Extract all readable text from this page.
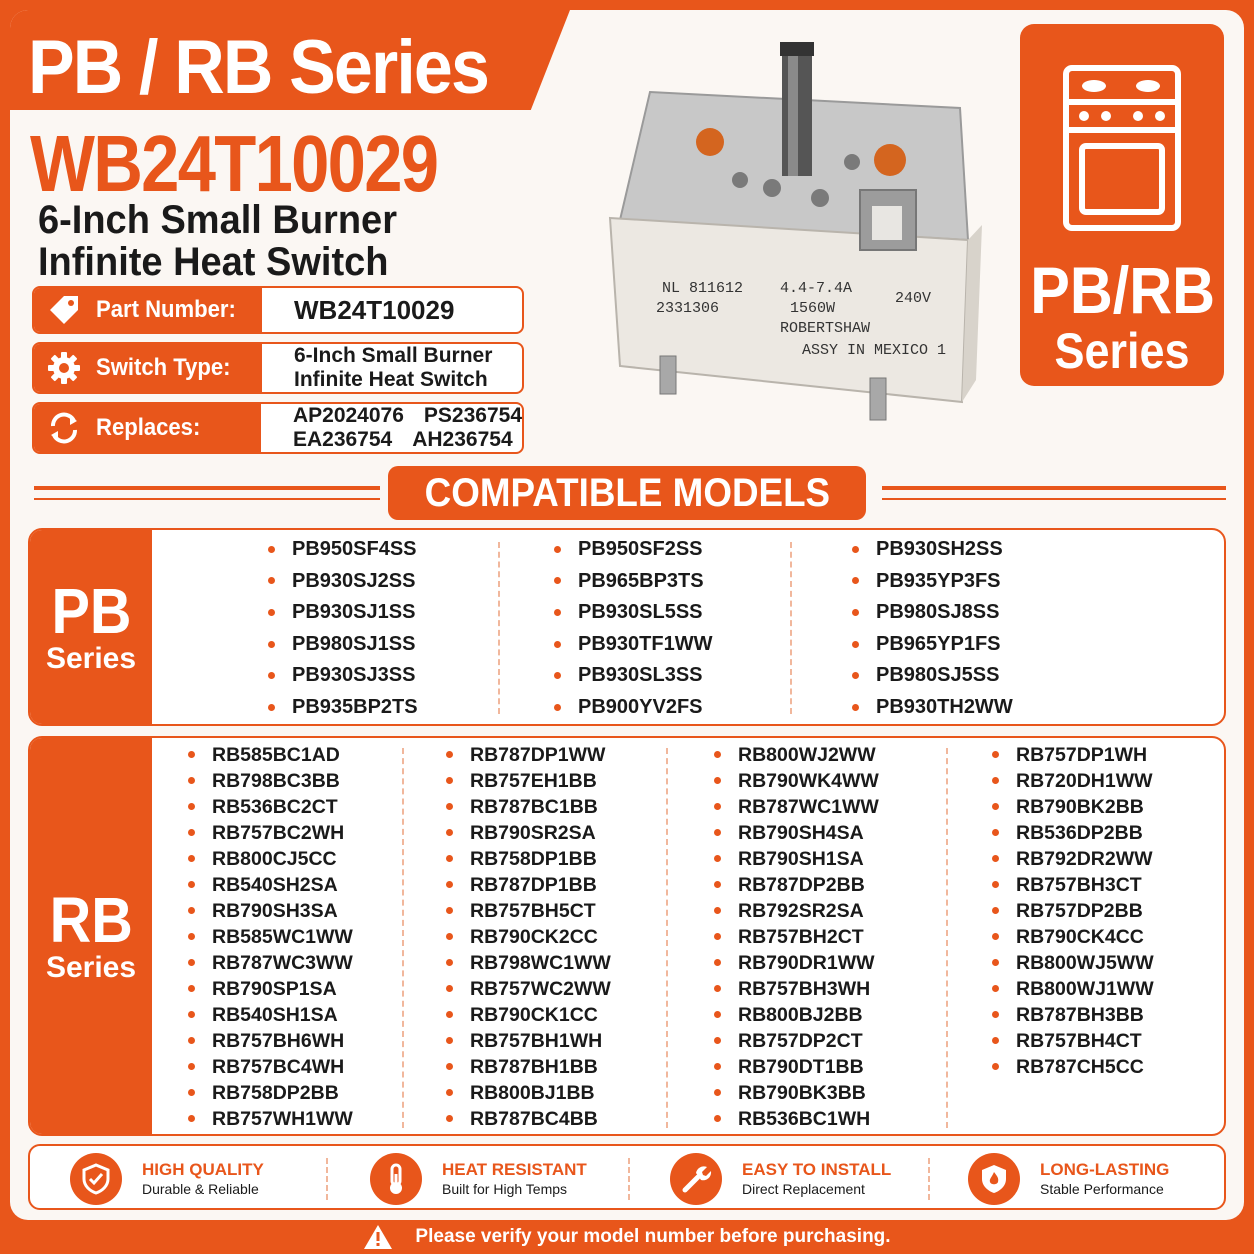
PB / RB Series
WB24T10029
6-Inch Small Burner
Infinite Heat Switch
Part Number: WB24T10029
Switch Type:	6-Inch Small Burner
Infinite Heat Switch
Replaces:	AP2024076 PS236754
EA236754 AH236754
NL 811612 4.4-7.4A
240V
2331306	1560W
ROBERTSHAW
ASSY IN MEXICO 1
PB/RB
Series
COMPATIBLE MODELS
PB
Series
PB950SF4SS
PB930SJ2SS
PB930SJ1SS
PB980SJ1SS
PB930SJ3SS
PB935BP2TS
PB950SF2SS
PB965BP3TS
PB930SL5SS
PB930TF1WW
PB930SL3SS
PB900YV2FS
PB930SH2SS
PB935YP3FS
PB980SJ8SS
PB965YP1FS
PB980SJ5SS
PB930TH2WW
RB
Series
RB585BC1AD
RB798BC3BB
RB536BC2CT
RB757BC2WH
RB800CJ5CC
RB540SH2SA
RB790SH3SA
RB585WC1WW
RB787WC3WW
RB790SP1SA
RB540SH1SA
RB757BH6WH
RB757BC4WH
RB758DP2BB
RB757WH1WW
RB787DP1WW
RB757EH1BB
RB787BC1BB
RB790SR2SA
RB758DP1BB
RB787DP1BB
RB757BH5CT
RB790CK2CC
RB798WC1WW
RB757WC2WW
RB790CK1CC
RB757BH1WH
RB787BH1BB
RB800BJ1BB
RB787BC4BB
RB800WJ2WW
RB790WK4WW
RB787WC1WW
RB790SH4SA
RB790SH1SA
RB787DP2BB
RB792SR2SA
RB757BH2CT
RB790DR1WW
RB757BH3WH
RB800BJ2BB
RB757DP2CT
RB790DT1BB
RB790BK3BB
RB536BC1WH
RB757DP1WH
RB720DH1WW
RB790BK2BB
RB536DP2BB
RB792DR2WW
RB757BH3CT
RB757DP2BB
RB790CK4CC
RB800WJ5WW
RB800WJ1WW
RB787BH3BB
RB757BH4CT
RB787CH5CC
HIGH QUALITY
Durable & Reliable
HEAT RESISTANT
Built for High Temps
EASY TO INSTALL
Direct Replacement
LONG-LASTING
Stable Performance
Please verify your model number before purchasing.
